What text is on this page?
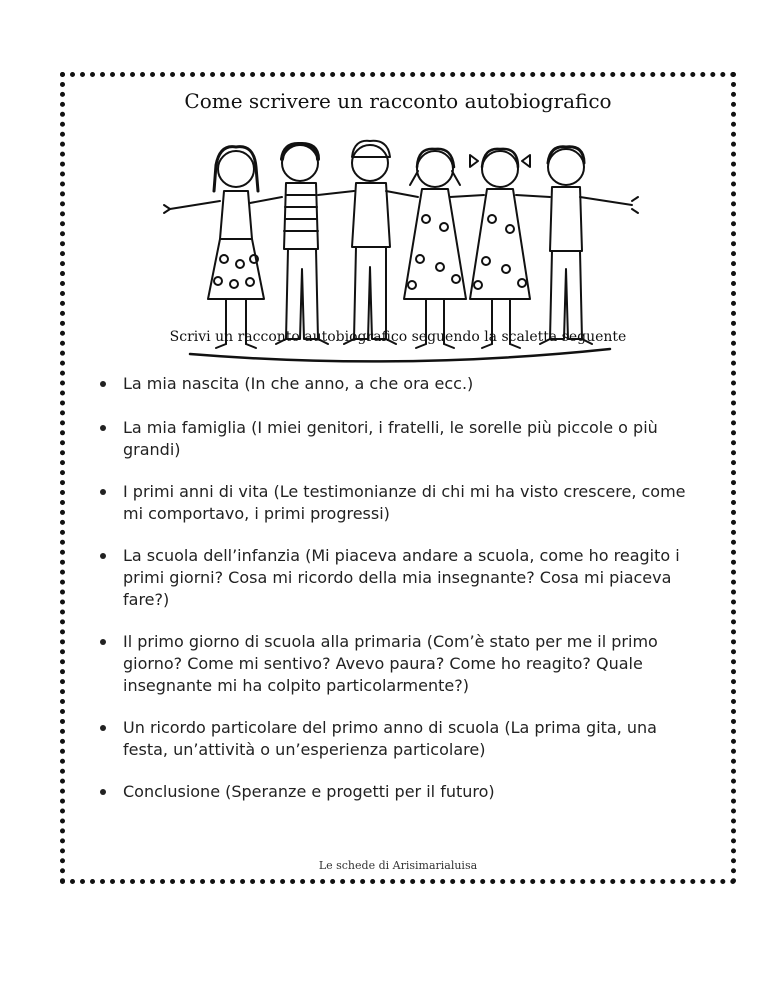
Come scrivere un racconto autobiografico
Scrivi un racconto autobiografico seguendo la scaletta seguente
La mia nascita (In che anno, a che ora ecc.)
La mia famiglia (I miei genitori, i fratelli, le sorelle più piccole o più grandi)
I primi anni di vita (Le testimonianze di chi mi ha visto crescere, come mi comportavo, i primi progressi)
La scuola dell’infanzia (Mi piaceva andare a scuola, come ho reagito i primi giorni? Cosa mi ricordo della mia insegnante? Cosa mi piaceva fare?)
Il primo giorno di scuola alla primaria (Com’è stato per me il primo giorno? Come mi sentivo? Avevo paura? Come ho reagito? Quale insegnante mi ha colpito particolarmente?)
Un ricordo particolare del primo anno di scuola (La prima gita, una festa, un’attività o un’esperienza particolare)
Conclusione (Speranze e progetti per il futuro)
Le schede di Arisimarialuisa
